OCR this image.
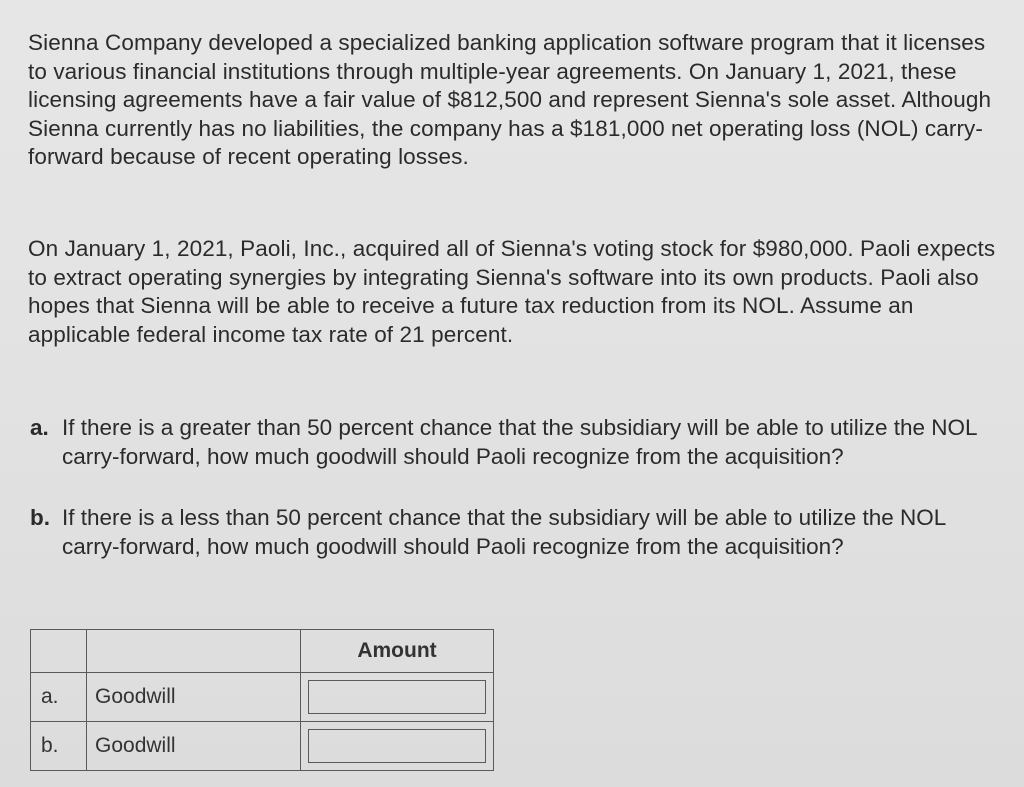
Sienna Company developed a specialized banking application software program that it licenses to various financial institutions through multiple-year agreements. On January 1, 2021, these licensing agreements have a fair value of $812,500 and represent Sienna's sole asset. Although Sienna currently has no liabilities, the company has a $181,000 net operating loss (NOL) carry-forward because of recent operating losses.
On January 1, 2021, Paoli, Inc., acquired all of Sienna's voting stock for $980,000. Paoli expects to extract operating synergies by integrating Sienna's software into its own products. Paoli also hopes that Sienna will be able to receive a future tax reduction from its NOL. Assume an applicable federal income tax rate of 21 percent.
a. If there is a greater than 50 percent chance that the subsidiary will be able to utilize the NOL carry-forward, how much goodwill should Paoli recognize from the acquisition?
b. If there is a less than 50 percent chance that the subsidiary will be able to utilize the NOL carry-forward, how much goodwill should Paoli recognize from the acquisition?
		Amount
a.	Goodwill	

b.	Goodwill	
